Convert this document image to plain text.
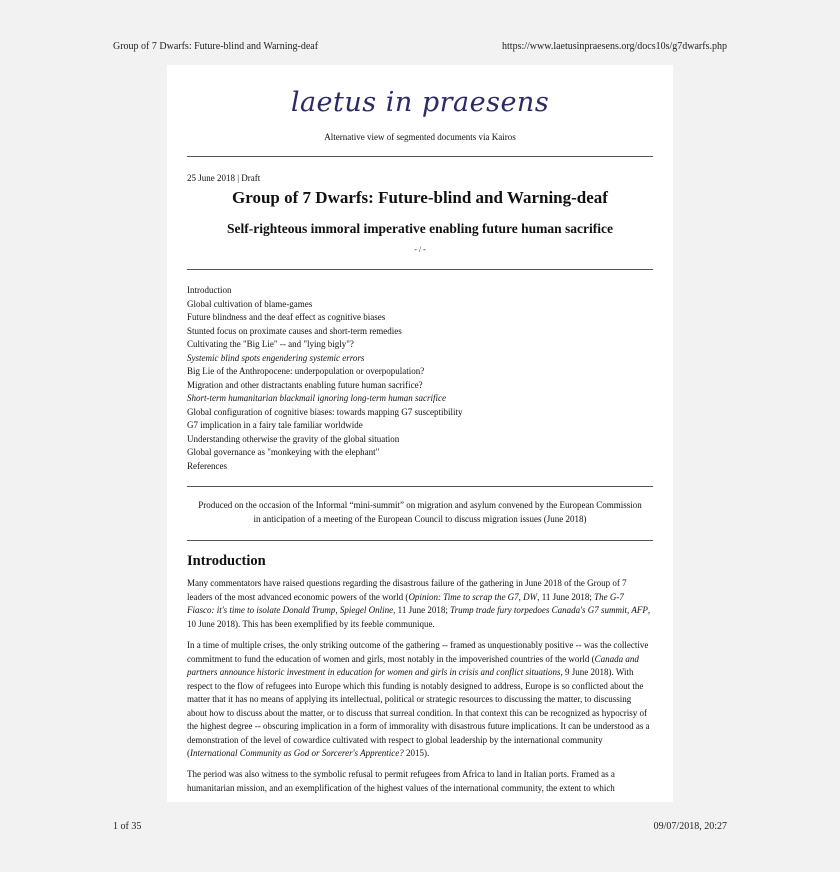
Group of 7 Dwarfs: Future-blind and Warning-deaf	https://www.laetusinpraesens.org/docs10s/g7dwarfs.php
laetus in praesens
Alternative view of segmented documents via Kairos
25 June 2018 | Draft
Group of 7 Dwarfs: Future-blind and Warning-deaf
Self-righteous immoral imperative enabling future human sacrifice
- / -
Introduction
Global cultivation of blame-games
Future blindness and the deaf effect as cognitive biases
Stunted focus on proximate causes and short-term remedies
Cultivating the "Big Lie" -- and "lying bigly"?
Systemic blind spots engendering systemic errors
Big Lie of the Anthropocene: underpopulation or overpopulation?
Migration and other distractants enabling future human sacrifice?
Short-term humanitarian blackmail ignoring long-term human sacrifice
Global configuration of cognitive biases: towards mapping G7 susceptibility
G7 implication in a fairy tale familiar worldwide
Understanding otherwise the gravity of the global situation
Global governance as "monkeying with the elephant"
References
Produced on the occasion of the Informal “mini-summit” on migration and asylum convened by the European Commission
in anticipation of a meeting of the European Council to discuss migration issues (June 2018)
Introduction

Many commentators have raised questions regarding the disastrous failure of the gathering in June 2018 of the Group of 7 leaders of the most advanced economic powers of the world (Opinion: Time to scrap the G7, DW, 11 June 2018; The G-7 Fiasco: it's time to isolate Donald Trump, Spiegel Online, 11 June 2018; Trump trade fury torpedoes Canada's G7 summit, AFP, 10 June 2018). This has been exemplified by its feeble communique.

In a time of multiple crises, the only striking outcome of the gathering -- framed as unquestionably positive -- was the collective commitment to fund the education of women and girls, most notably in the impoverished countries of the world (Canada and partners announce historic investment in education for women and girls in crisis and conflict situations, 9 June 2018). With respect to the flow of refugees into Europe which this funding is notably designed to address, Europe is so conflicted about the matter that it has no means of applying its intellectual, political or strategic resources to discussing the matter, to discussing about how to discuss about the matter, or to discuss that surreal condition. In that context this can be recognized as hypocrisy of the highest degree -- obscuring implication in a form of immorality with disastrous future implications. It can be understood as a demonstration of the level of cowardice cultivated with respect to global leadership by the international community (International Community as God or Sorcerer's Apprentice? 2015).

The period was also witness to the symbolic refusal to permit refugees from Africa to land in Italian ports. Framed as a humanitarian mission, and an exemplification of the highest values of the international community, the extent to which

1 of 35	09/07/2018, 20:27
